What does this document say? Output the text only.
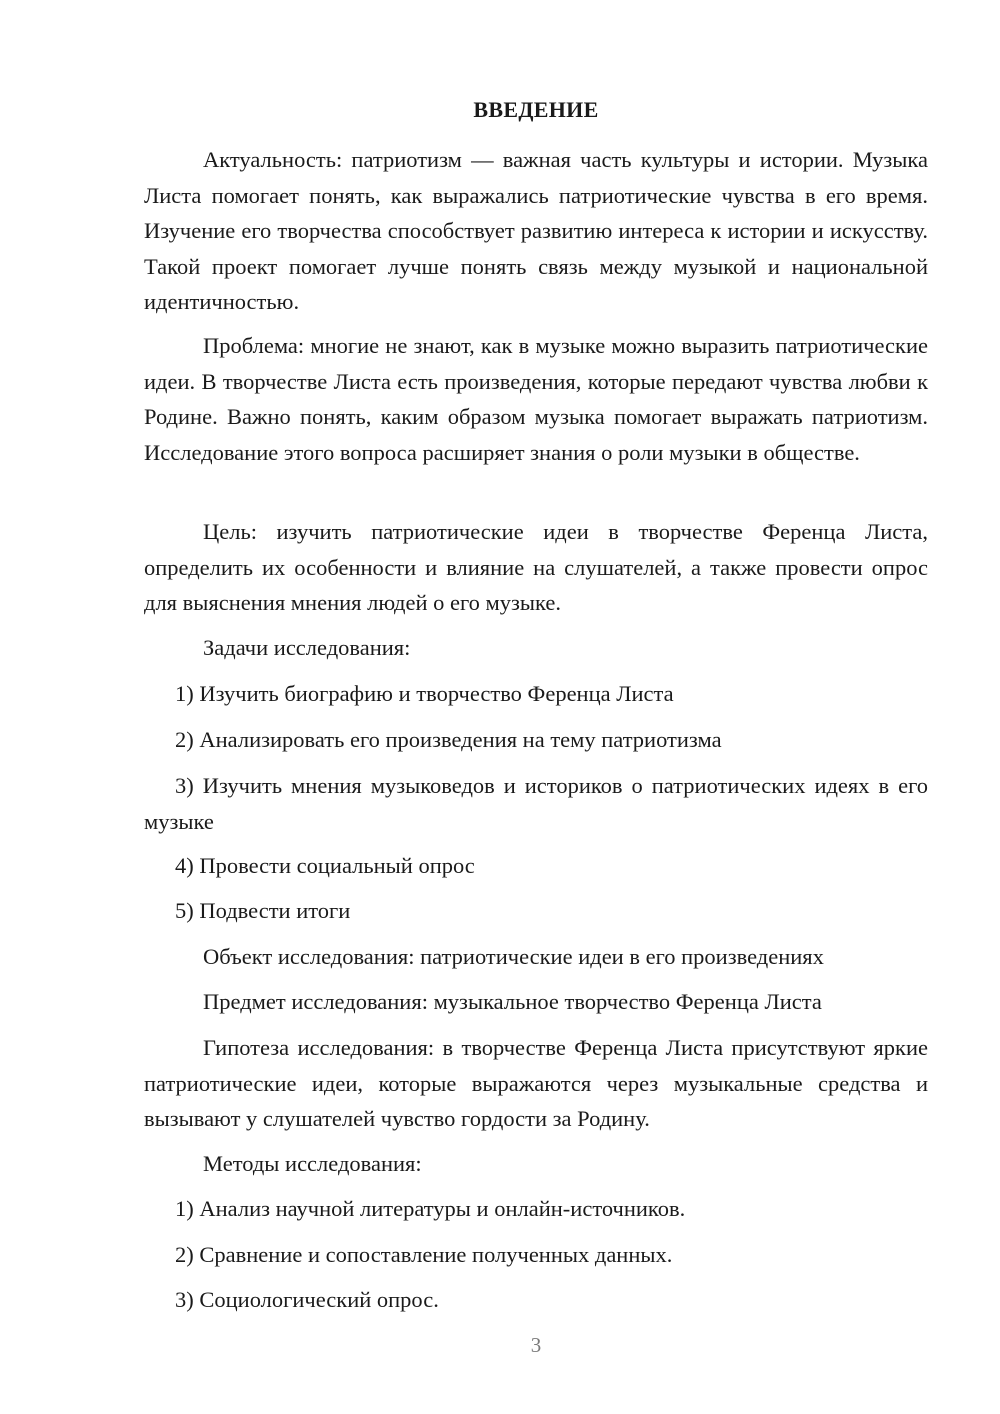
ВВЕДЕНИЕ

Актуальность: патриотизм — важная часть культуры и истории. Музыка Листа помогает понять, как выражались патриотические чувства в его время. Изучение его творчества способствует развитию интереса к истории и искусству. Такой проект помогает лучше понять связь между музыкой и национальной идентичностью.

Проблема: многие не знают, как в музыке можно выразить патриотические идеи. В творчестве Листа есть произведения, которые передают чувства любви к Родине. Важно понять, каким образом музыка помогает выражать патриотизм. Исследование этого вопроса расширяет знания о роли музыки в обществе.

Цель: изучить патриотические идеи в творчестве Ференца Листа, определить их особенности и влияние на слушателей, а также провести опрос для выяснения мнения людей о его музыке.

Задачи исследования:

1) Изучить биографию и творчество Ференца Листа

2) Анализировать его произведения на тему патриотизма

3) Изучить мнения музыковедов и историков о патриотических идеях в его музыке

4) Провести социальный опрос

5) Подвести итоги

Объект исследования: патриотические идеи в его произведениях

Предмет исследования: музыкальное творчество Ференца Листа

Гипотеза исследования: в творчестве Ференца Листа присутствуют яркие патриотические идеи, которые выражаются через музыкальные средства и вызывают у слушателей чувство гордости за Родину.

Методы исследования:

1) Анализ научной литературы и онлайн-источников.

2) Сравнение и сопоставление полученных данных.

3) Социологический опрос.

3
